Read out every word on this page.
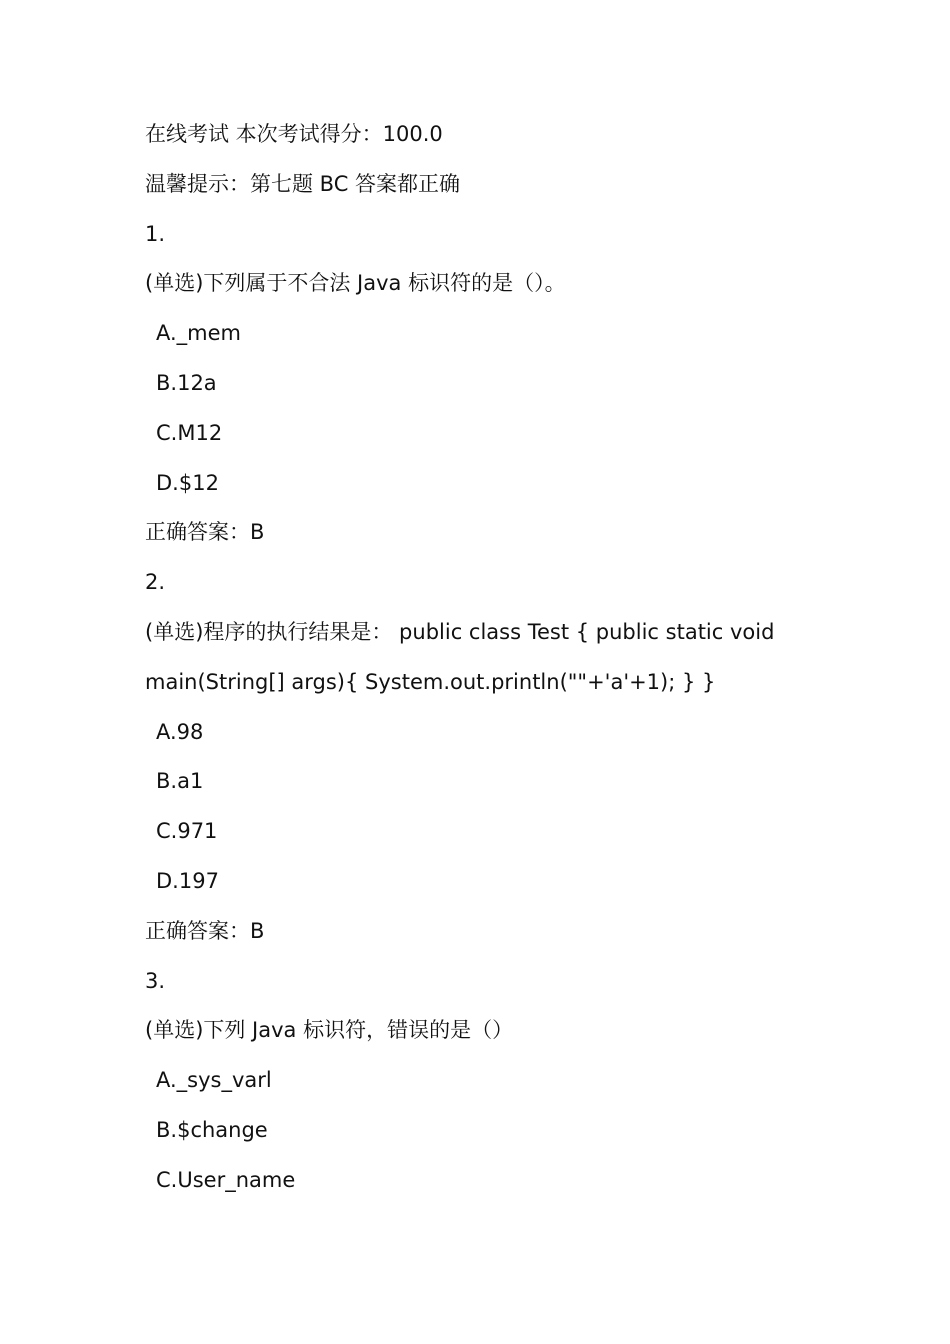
在线考试 本次考试得分：100.0
温馨提示：第七题 BC 答案都正确
1.
(单选)下列属于不合法 Java 标识符的是（）。
A._mem
B.12a
C.M12
D.$12
正确答案：B
2.
(单选)程序的执行结果是： public class Test { public static void
main(String[] args){ System.out.println(""+'a'+1); } }
A.98
B.a1
C.971
D.197
正确答案：B
3.
(单选)下列 Java 标识符，错误的是（）
A._sys_varl
B.$change
C.User_name
